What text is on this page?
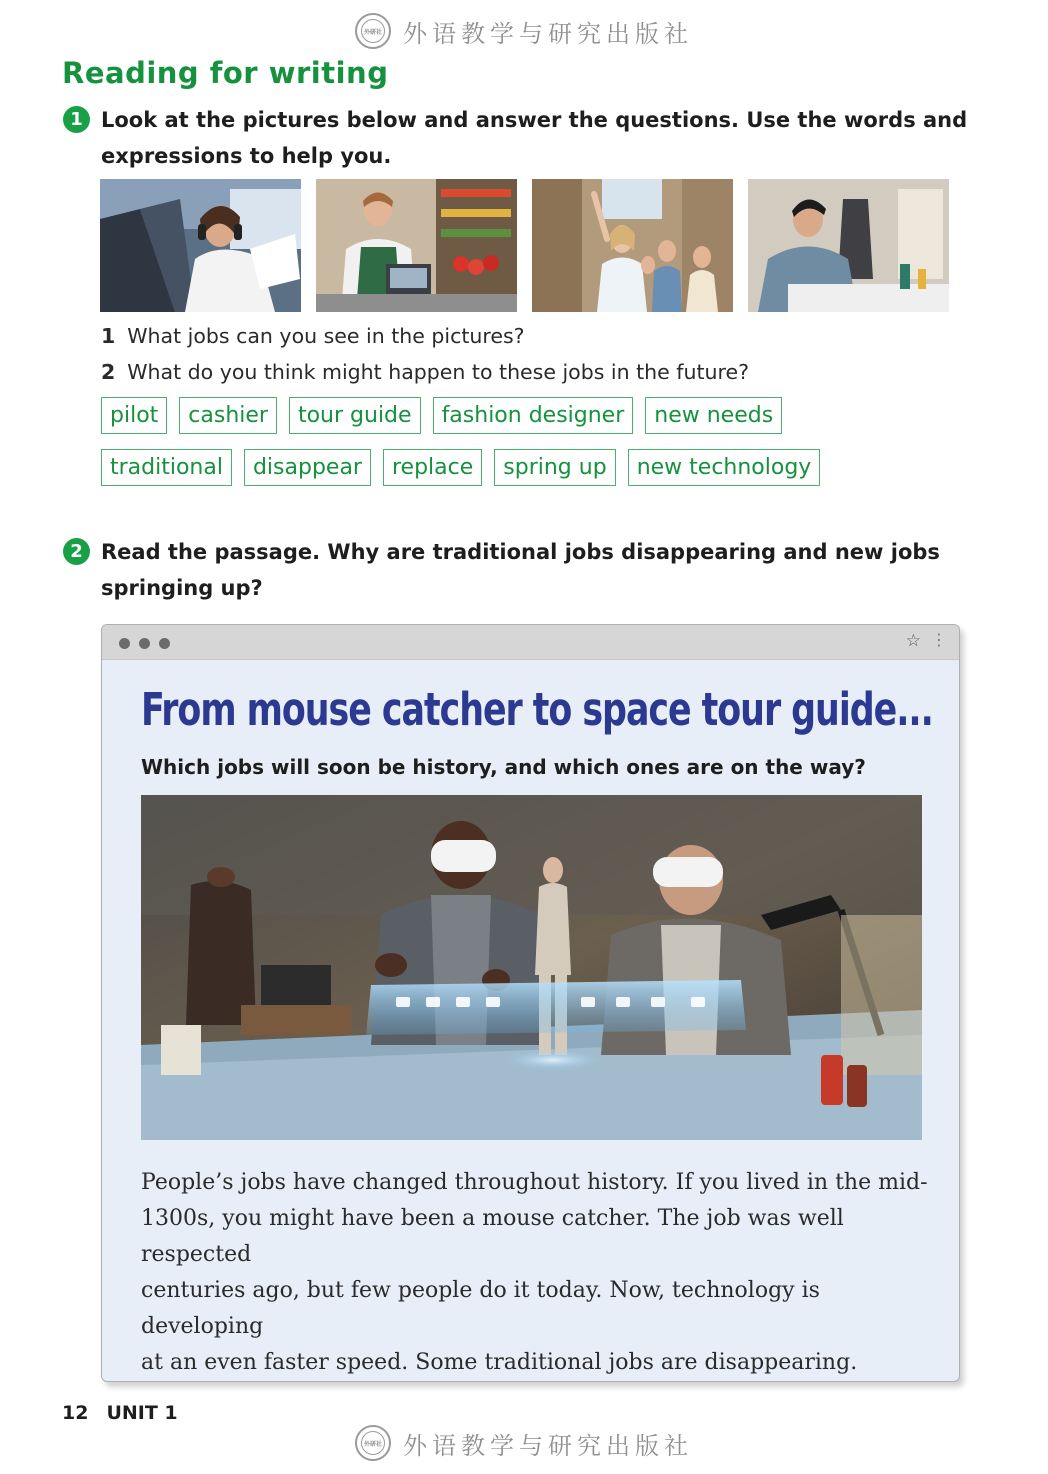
外研社 外语教学与研究出版社
Reading for writing
1 Look at the pictures below and answer the questions. Use the words and
expressions to help you.
1 What jobs can you see in the pictures?
2 What do you think might happen to these jobs in the future?
pilot	cashier	tour guide	fashion designer	new needs
traditional	disappear	replace	spring up	new technology
2 Read the passage. Why are traditional jobs disappearing and new jobs
springing up?
☆ ⋮
From mouse catcher to space tour guide...
Which jobs will soon be history, and which ones are on the way?
People’s jobs have changed throughout history. If you lived in the mid-
1300s, you might have been a mouse catcher. The job was well respected
centuries ago, but few people do it today. Now, technology is developing
at an even faster speed. Some traditional jobs are disappearing.
12 UNIT 1
外研社 外语教学与研究出版社
